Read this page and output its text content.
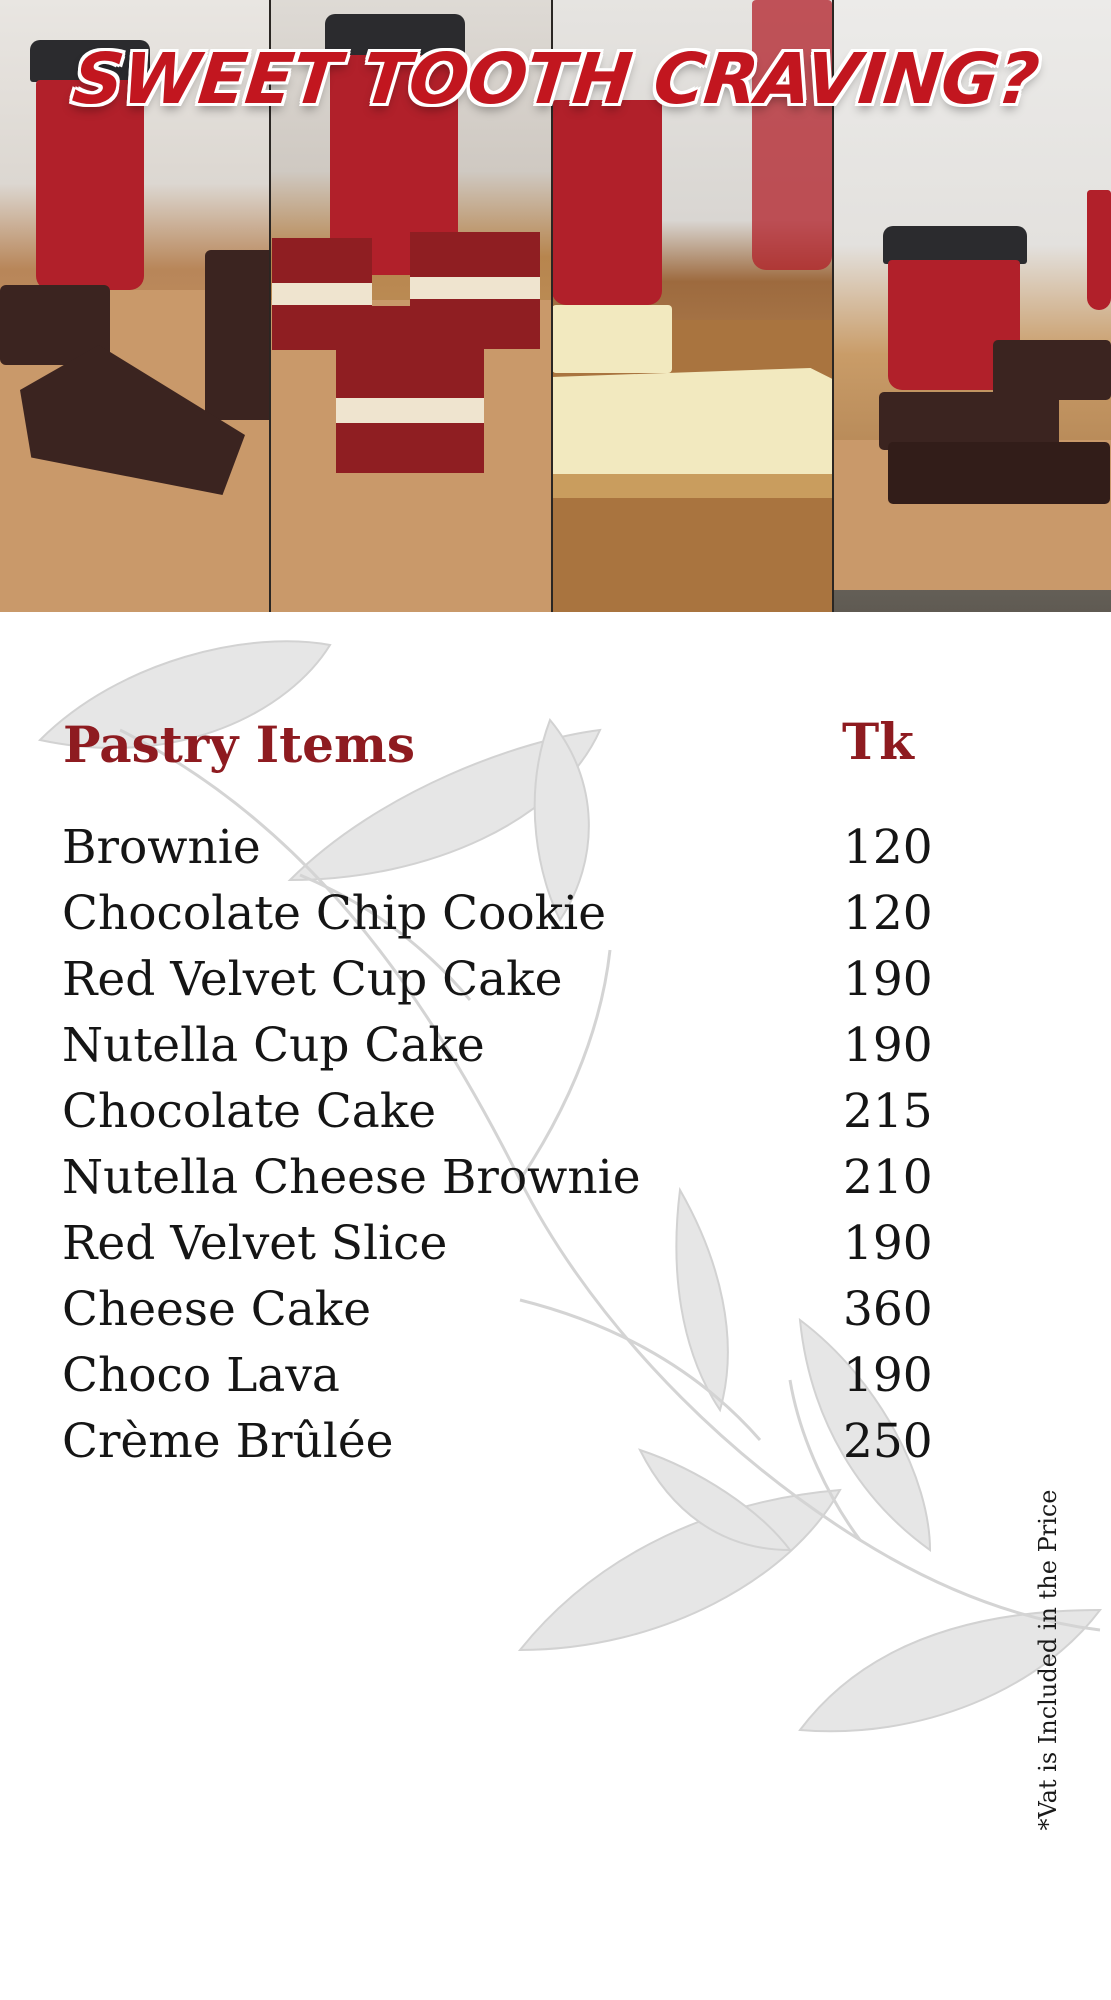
SWEET TOOTH CRAVING?
Pastry Items	Tk
Brownie	120
Chocolate Chip Cookie	120
Red Velvet Cup Cake	190
Nutella Cup Cake	190
Chocolate Cake	215
Nutella Cheese Brownie	210
Red Velvet Slice	190
Cheese Cake	360
Choco Lava	190
Crème Brûlée	250
*Vat is Included in the Price
